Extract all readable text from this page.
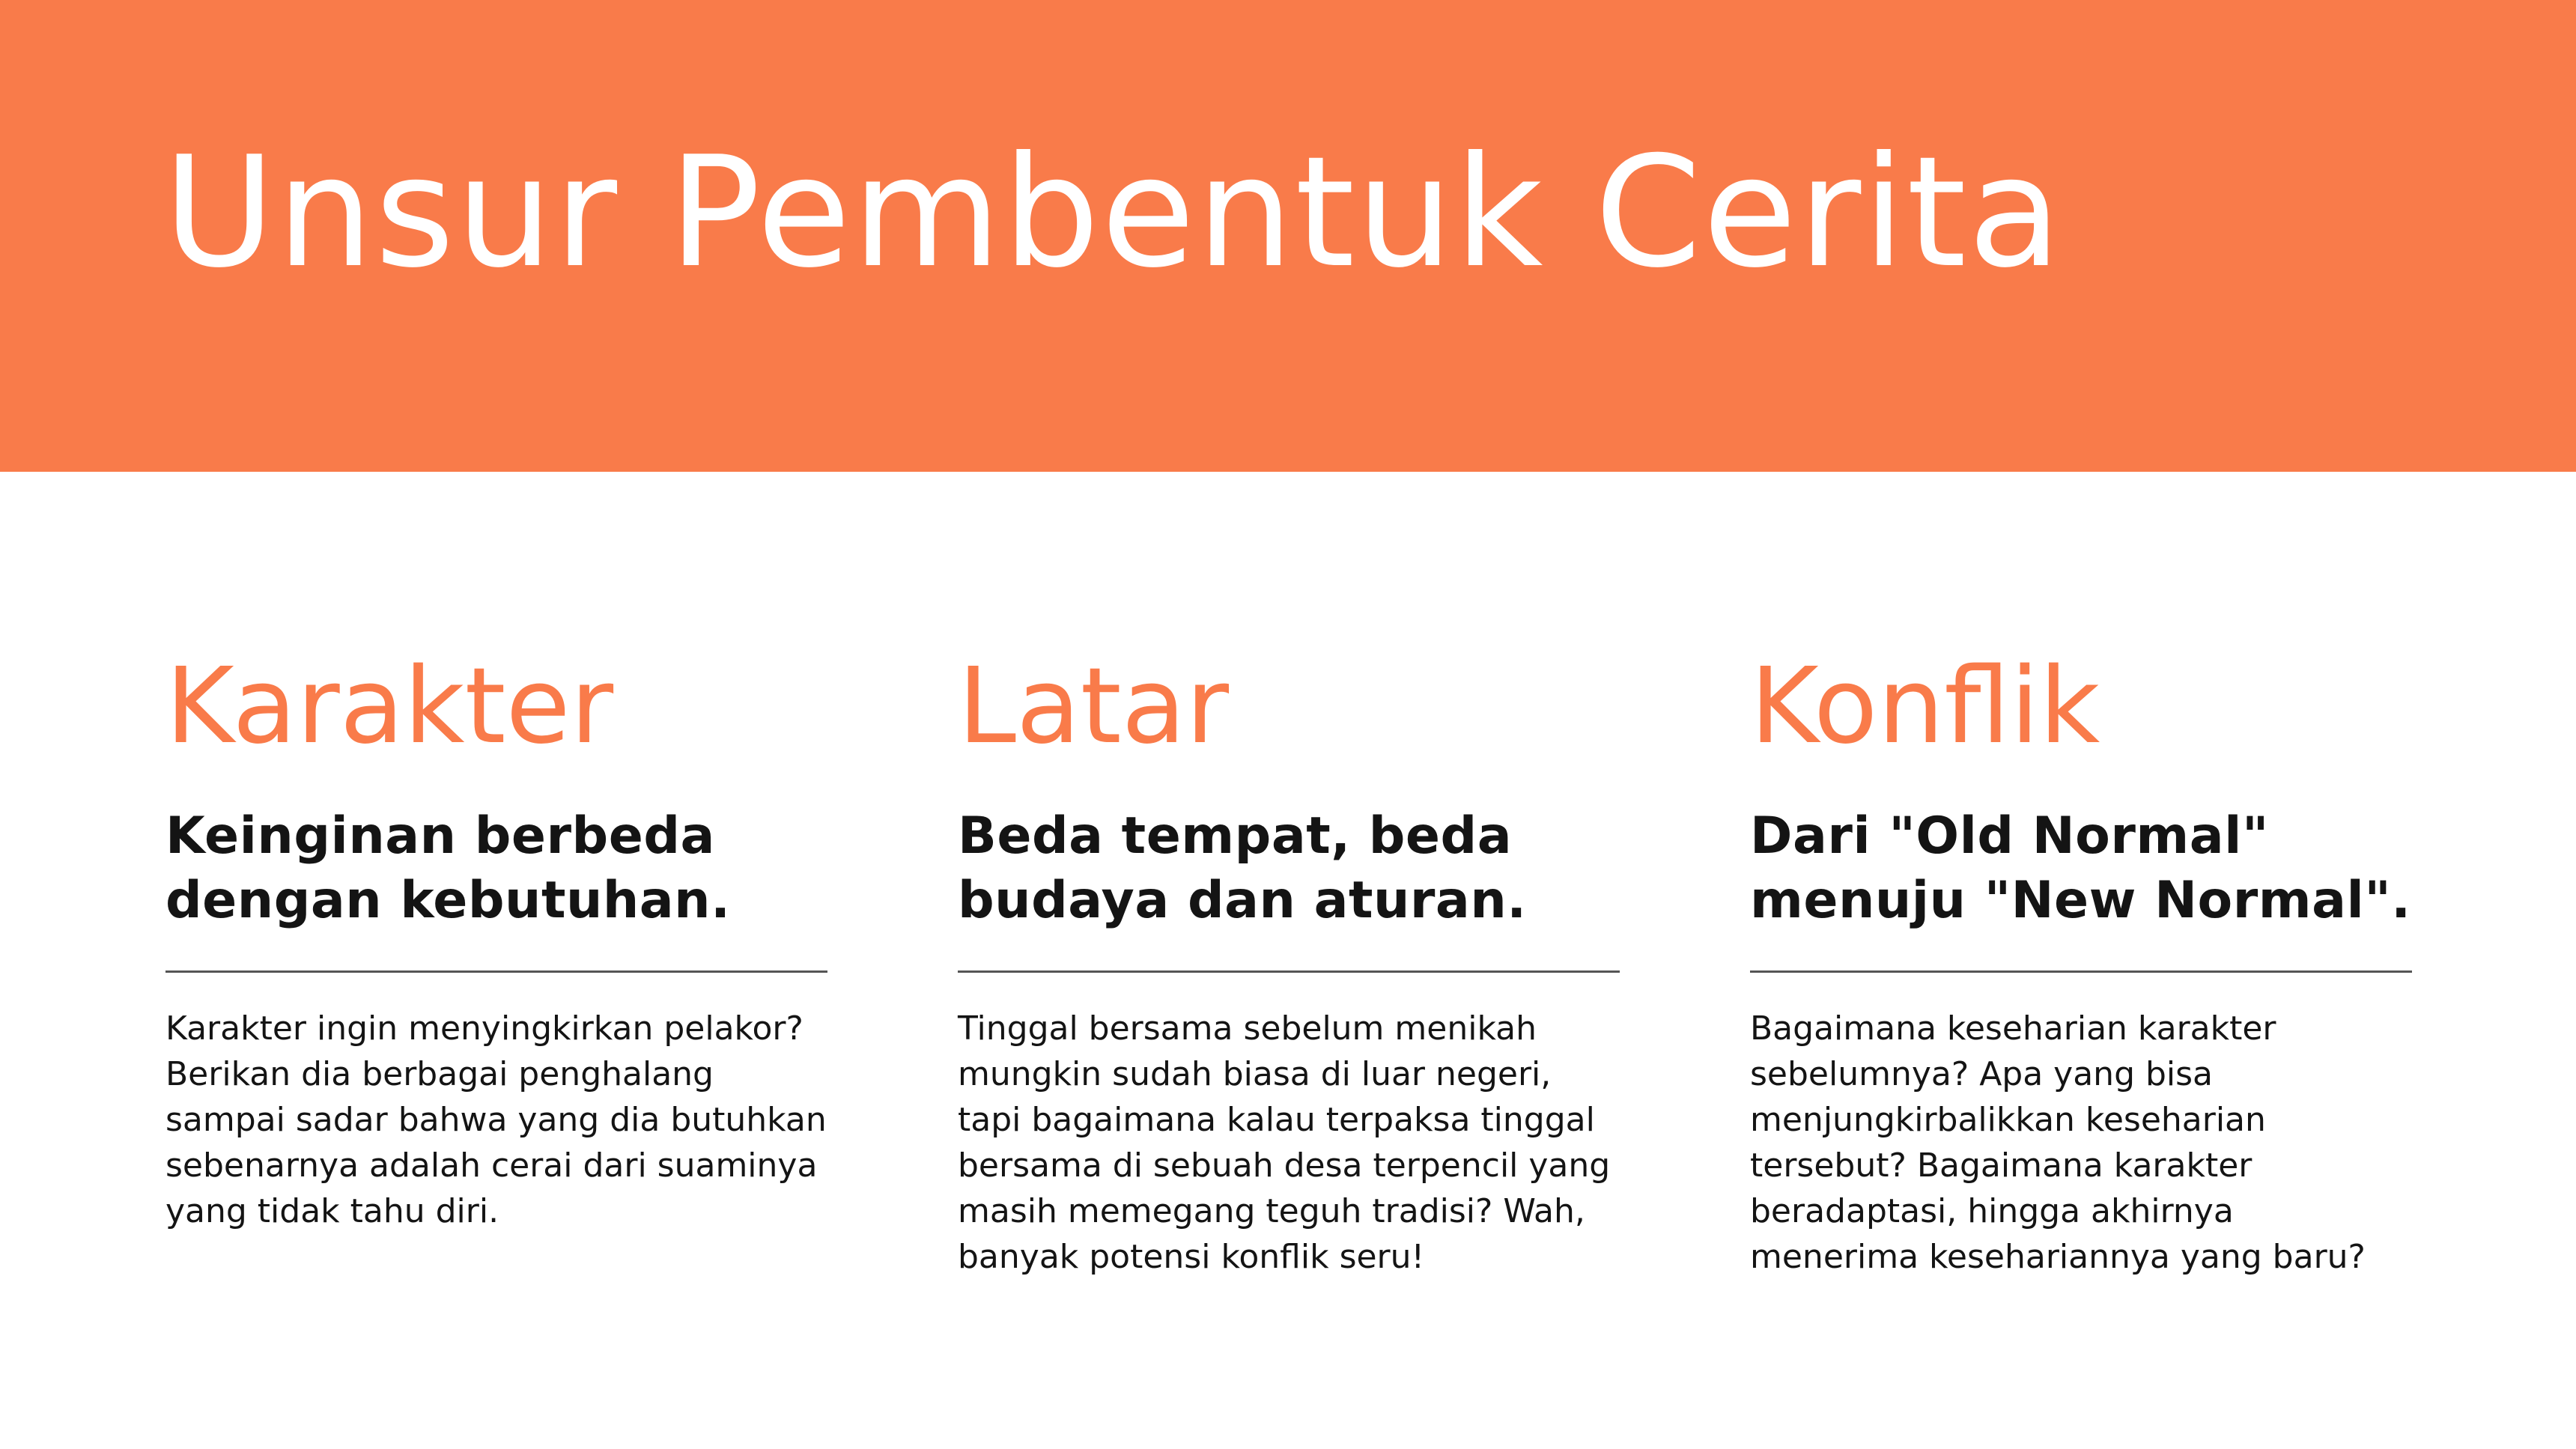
Unsur Pembentuk Cerita
Karakter

Keinginan berbeda dengan kebutuhan.

Karakter ingin menyingkirkan pelakor? Berikan dia berbagai penghalang sampai sadar bahwa yang dia butuhkan sebenarnya adalah cerai dari suaminya yang tidak tahu diri.

Latar

Beda tempat, beda budaya dan aturan.

Tinggal bersama sebelum menikah mungkin sudah biasa di luar negeri, tapi bagaimana kalau terpaksa tinggal bersama di sebuah desa terpencil yang masih memegang teguh tradisi? Wah, banyak potensi konflik seru!

Konflik

Dari "Old Normal" menuju "New Normal".

Bagaimana keseharian karakter sebelumnya? Apa yang bisa menjungkirbalikkan keseharian tersebut? Bagaimana karakter beradaptasi, hingga akhirnya menerima kesehariannya yang baru?
